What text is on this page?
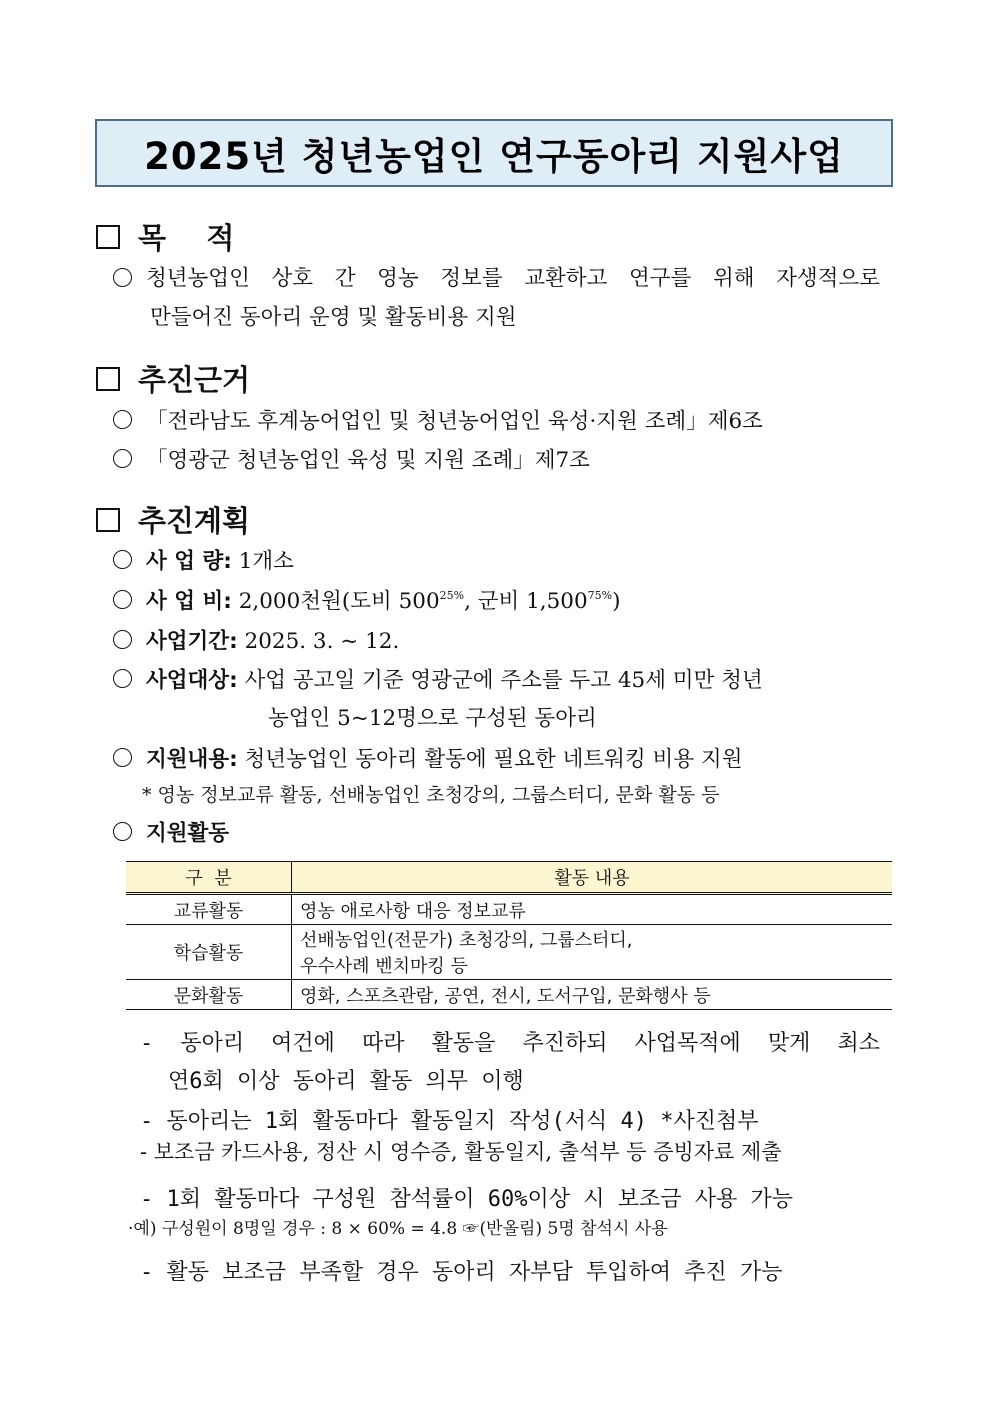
2025년 청년농업인 연구동아리 지원사업
목    적
청년농업인 상호 간 영농 정보를 교환하고 연구를 위해 자생적으로
만들어진 동아리 운영 및 활동비용 지원
추진근거
「전라남도 후계농어업인 및 청년농어업인 육성·지원 조례」제6조
「영광군 청년농업인 육성 및 지원 조례」제7조
추진계획
사 업 량: 1개소
사 업 비: 2,000천원(도비 $500^{25\%}$, 군비 $1,500^{75\%}$)
사업기간: 2025. 3. ~ 12.
사업대상: 사업 공고일 기준 영광군에 주소를 두고 45세 미만 청년
농업인 5~12명으로 구성된 동아리
지원내용: 청년농업인 동아리 활동에 필요한 네트워킹 비용 지원
* 영농 정보교류 활동, 선배농업인 초청강의, 그룹스터디, 문화 활동 등
지원활동
구  분	활동 내용
교류활동	영농 애로사항 대응 정보교류
학습활동	선배농업인(전문가) 초청강의, 그룹스터디,
우수사례 벤치마킹 등

문화활동	영화, 스포츠관람, 공연, 전시, 도서구입, 문화행사 등
- 동아리 여건에 따라 활동을 추진하되 사업목적에 맞게 최소
연6회 이상 동아리 활동 의무 이행
- 동아리는 1회 활동마다 활동일지 작성(서식 4) *사진첨부
- 보조금 카드사용, 정산 시 영수증, 활동일지, 출석부 등 증빙자료 제출
- 1회 활동마다 구성원 참석률이 60%이상 시 보조금 사용 가능
·예) 구성원이 8명일 경우 : 8 × 60% = 4.8 ☞(반올림) 5명 참석시 사용
- 활동 보조금 부족할 경우 동아리 자부담 투입하여 추진 가능
